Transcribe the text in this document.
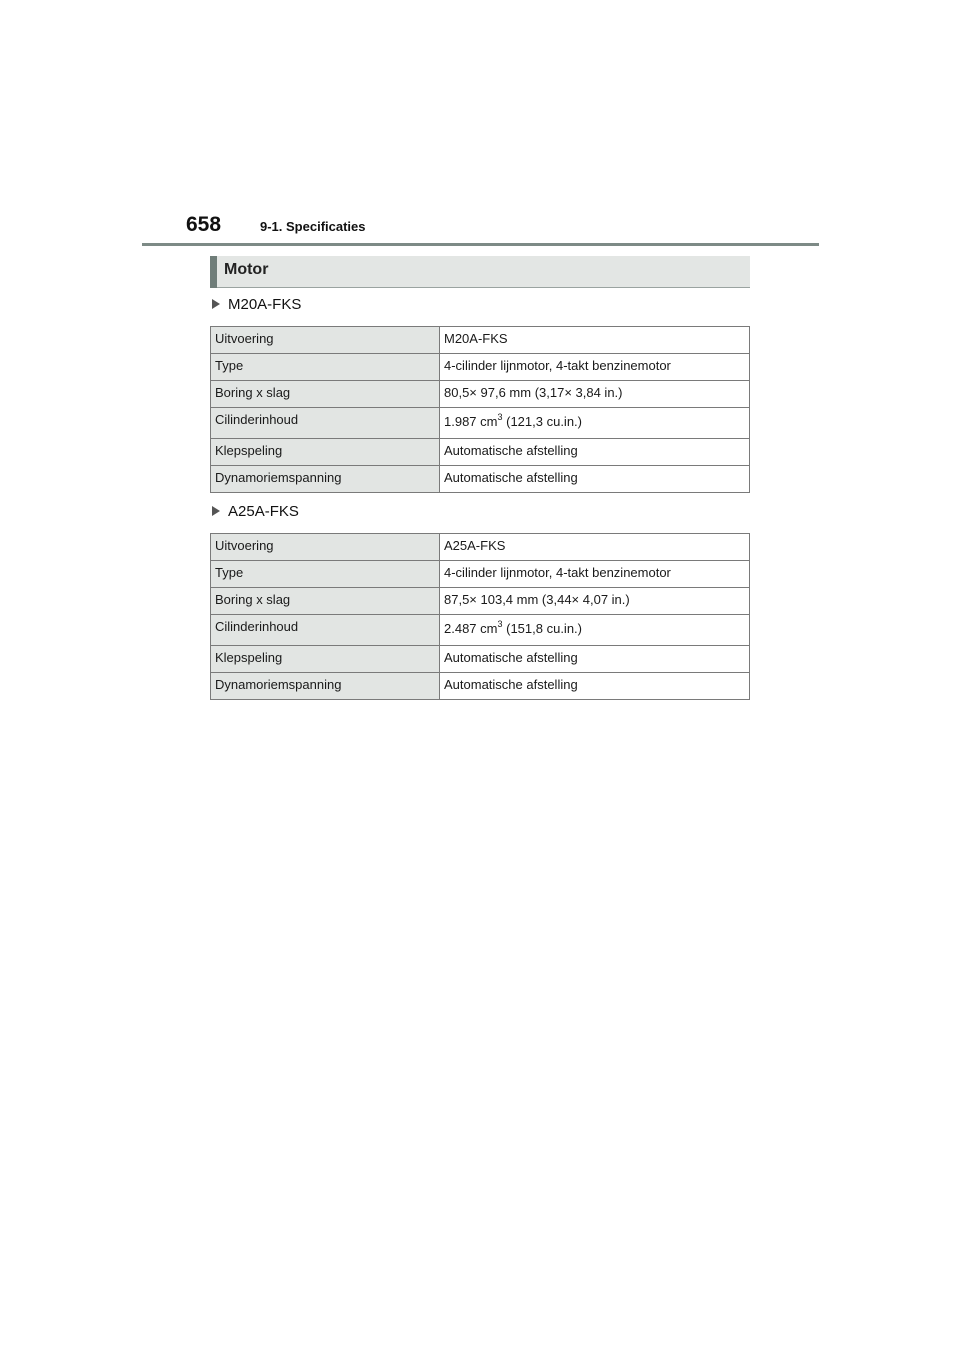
658	9-1. Specificaties
Motor
M20A-FKS
Uitvoering	M20A-FKS
Type	4-cilinder lijnmotor, 4-takt benzinemotor
Boring x slag	80,5× 97,6 mm (3,17× 3,84 in.)
Cilinderinhoud	1.987 $cm^3$ (121,3 cu.in.)
Klepspeling	Automatische afstelling
Dynamoriemspanning	Automatische afstelling
A25A-FKS
Uitvoering	A25A-FKS
Type	4-cilinder lijnmotor, 4-takt benzinemotor
Boring x slag	87,5× 103,4 mm (3,44× 4,07 in.)
Cilinderinhoud	2.487 $cm^3$ (151,8 cu.in.)
Klepspeling	Automatische afstelling
Dynamoriemspanning	Automatische afstelling
